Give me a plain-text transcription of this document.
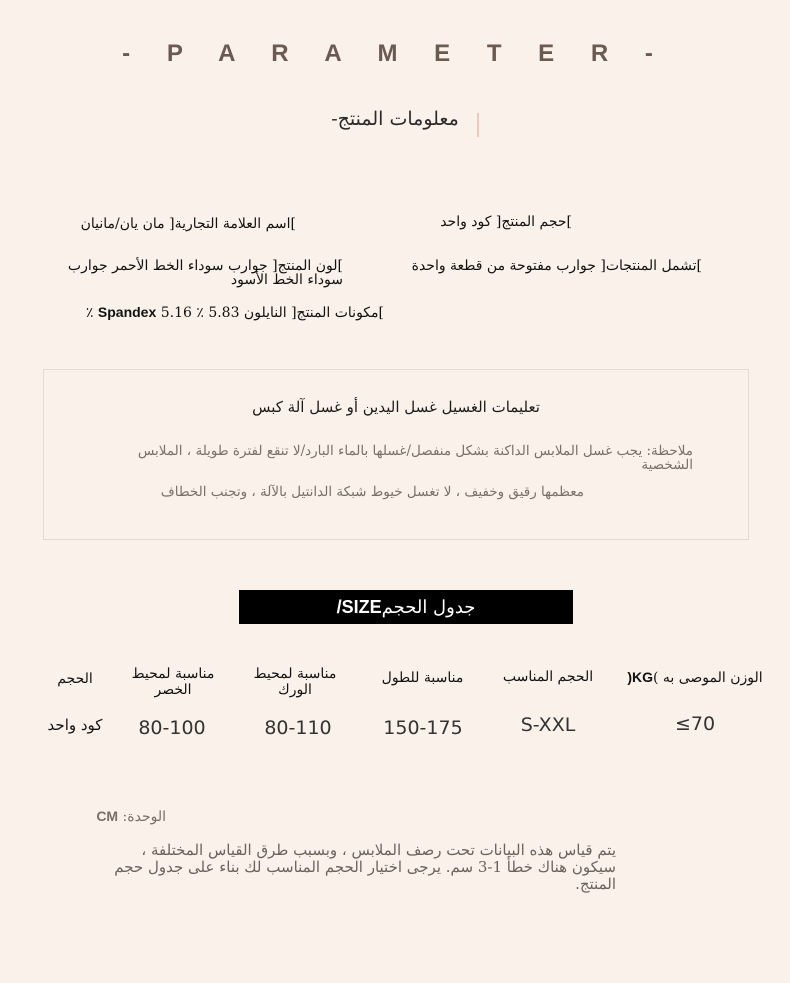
- P A R A M E T E R -
-معلومات المنتج
]حجم المنتج[ كود واحد
]اسم العلامة التجارية[ مان يان/مانيان
]تشمل المنتجات[ جوارب مفتوحة من قطعة واحدة
]لون المنتج[ جوارب سوداء الخط الأحمر جوارب سوداء الخط الأسود
]مكونات المنتج[ النايلون 5.83 ٪ Spandex 5.16 ٪
تعليمات الغسيل غسل اليدين أو غسل آلة كبس
ملاحظة: يجب غسل الملابس الداكنة بشكل منفصل/غسلها بالماء البارد/لا تنقع لفترة طويلة ، الملابس الشخصية
معظمها رقيق وخفيف ، لا تغسل خيوط شبكة الدانتيل بالآلة ، وتجنب الخطاف
جدول الحجمSIZE/
الوزن الموصى به )KG(
الحجم المناسب
مناسبة للطول
مناسبة لمحيط الورك
مناسبة لمحيط الخصر
الحجم
≤70
S-XXL
150-175
80-110
80-100
كود واحد
الوحدة: CM
يتم قياس هذه البيانات تحت رصف الملابس ، وبسبب طرق القياس المختلفة ، سيكون هناك خطأ 1-3 سم. يرجى اختيار الحجم المناسب لك بناء على جدول حجم المنتج.
